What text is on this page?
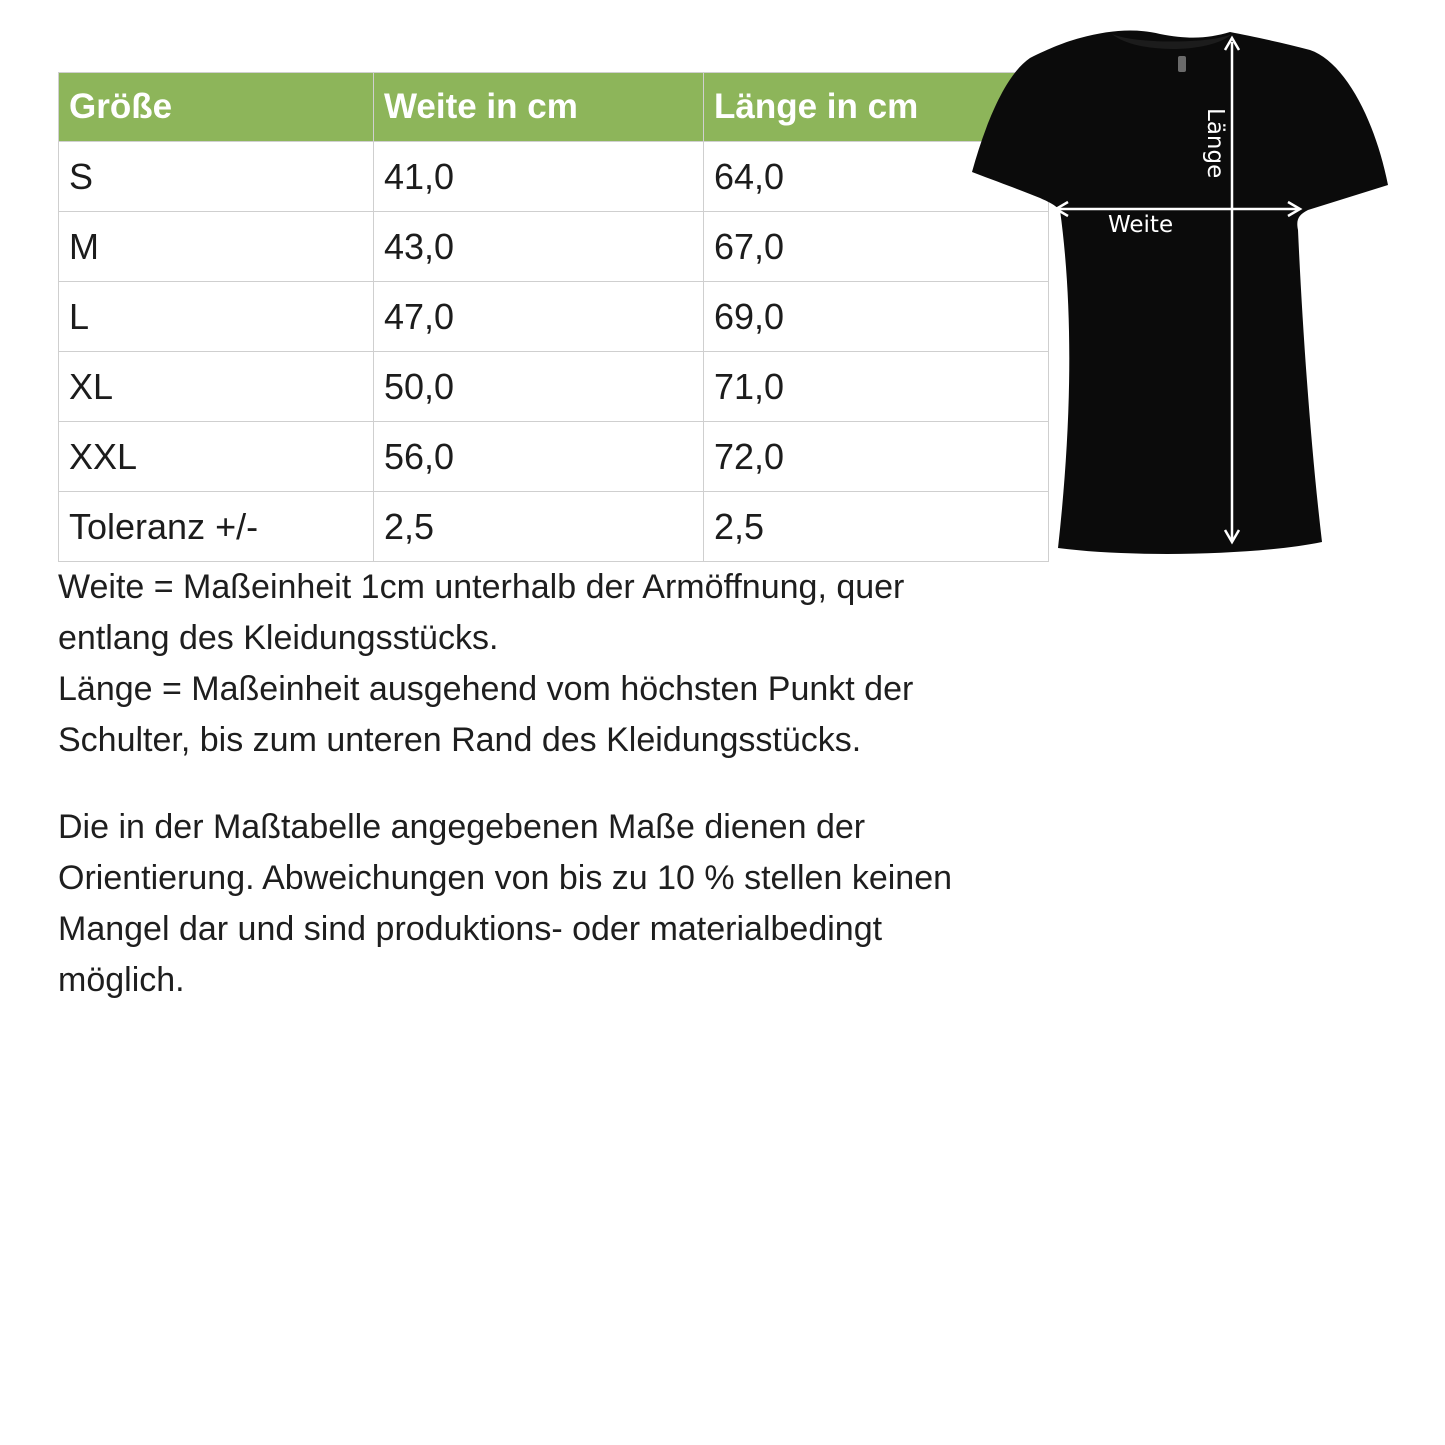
Größe	Weite in cm	Länge in cm
S	41,0	64,0
M	43,0	67,0
L	47,0	69,0
XL	50,0	71,0
XXL	56,0	72,0
Toleranz +/-	2,5	2,5
Weite
Länge

Weite = Maßeinheit 1cm unterhalb der Armöffnung, quer

entlang des Kleidungsstücks.

Länge = Maßeinheit ausgehend vom höchsten Punkt der

Schulter, bis zum unteren Rand des Kleidungsstücks.

Die in der Maßtabelle angegebenen Maße dienen der

Orientierung. Abweichungen von bis zu 10 % stellen keinen

Mangel dar und sind produktions- oder materialbedingt

möglich.
